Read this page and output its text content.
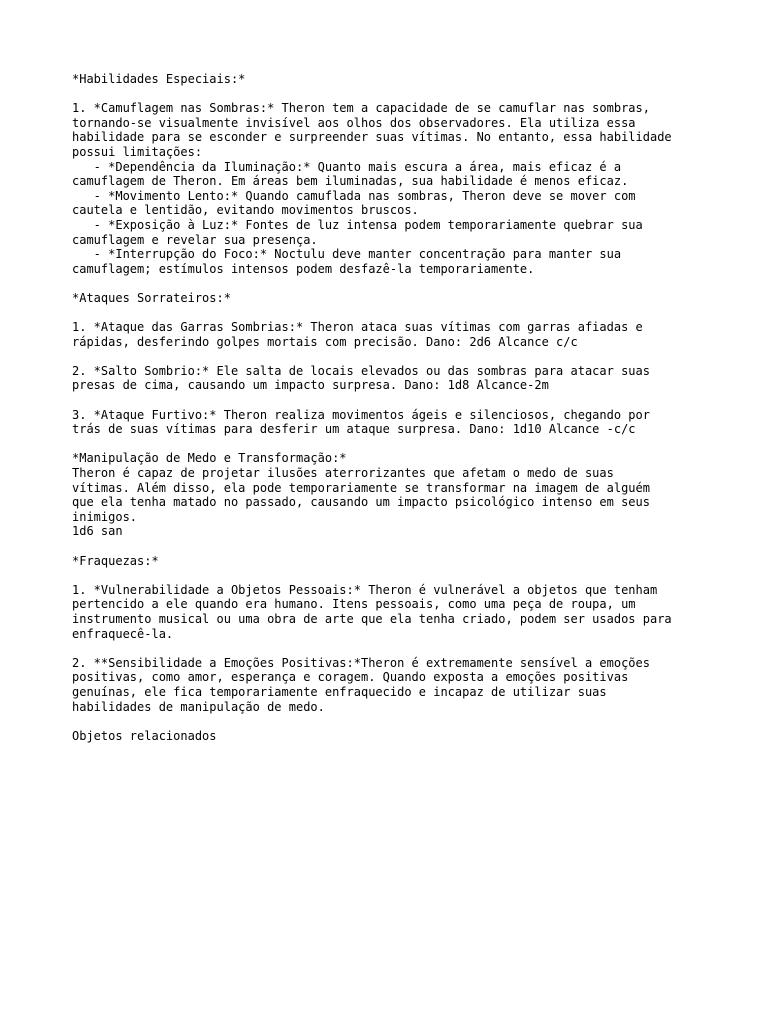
*Habilidades Especiais:*

1. *Camuflagem nas Sombras:* Theron tem a capacidade de se camuflar nas sombras,
tornando-se visualmente invisível aos olhos dos observadores. Ela utiliza essa
habilidade para se esconder e surpreender suas vítimas. No entanto, essa habilidade
possui limitações:
- *Dependência da Iluminação:* Quanto mais escura a área, mais eficaz é a
camuflagem de Theron. Em áreas bem iluminadas, sua habilidade é menos eficaz.
- *Movimento Lento:* Quando camuflada nas sombras, Theron deve se mover com
cautela e lentidão, evitando movimentos bruscos.
- *Exposição à Luz:* Fontes de luz intensa podem temporariamente quebrar sua
camuflagem e revelar sua presença.
- *Interrupção do Foco:* Noctulu deve manter concentração para manter sua
camuflagem; estímulos intensos podem desfazê-la temporariamente.

*Ataques Sorrateiros:*

1. *Ataque das Garras Sombrias:* Theron ataca suas vítimas com garras afiadas e
rápidas, desferindo golpes mortais com precisão. Dano: 2d6 Alcance c/c

2. *Salto Sombrio:* Ele salta de locais elevados ou das sombras para atacar suas
presas de cima, causando um impacto surpresa. Dano: 1d8 Alcance-2m

3. *Ataque Furtivo:* Theron realiza movimentos ágeis e silenciosos, chegando por
trás de suas vítimas para desferir um ataque surpresa. Dano: 1d10 Alcance -c/c

*Manipulação de Medo e Transformação:*
Theron é capaz de projetar ilusões aterrorizantes que afetam o medo de suas
vítimas. Além disso, ela pode temporariamente se transformar na imagem de alguém
que ela tenha matado no passado, causando um impacto psicológico intenso em seus
inimigos.
1d6 san

*Fraquezas:*

1. *Vulnerabilidade a Objetos Pessoais:* Theron é vulnerável a objetos que tenham
pertencido a ele quando era humano. Itens pessoais, como uma peça de roupa, um
instrumento musical ou uma obra de arte que ela tenha criado, podem ser usados para
enfraquecê-la.

2. **Sensibilidade a Emoções Positivas:*Theron é extremamente sensível a emoções
positivas, como amor, esperança e coragem. Quando exposta a emoções positivas
genuínas, ele fica temporariamente enfraquecido e incapaz de utilizar suas
habilidades de manipulação de medo.

Objetos relacionados
